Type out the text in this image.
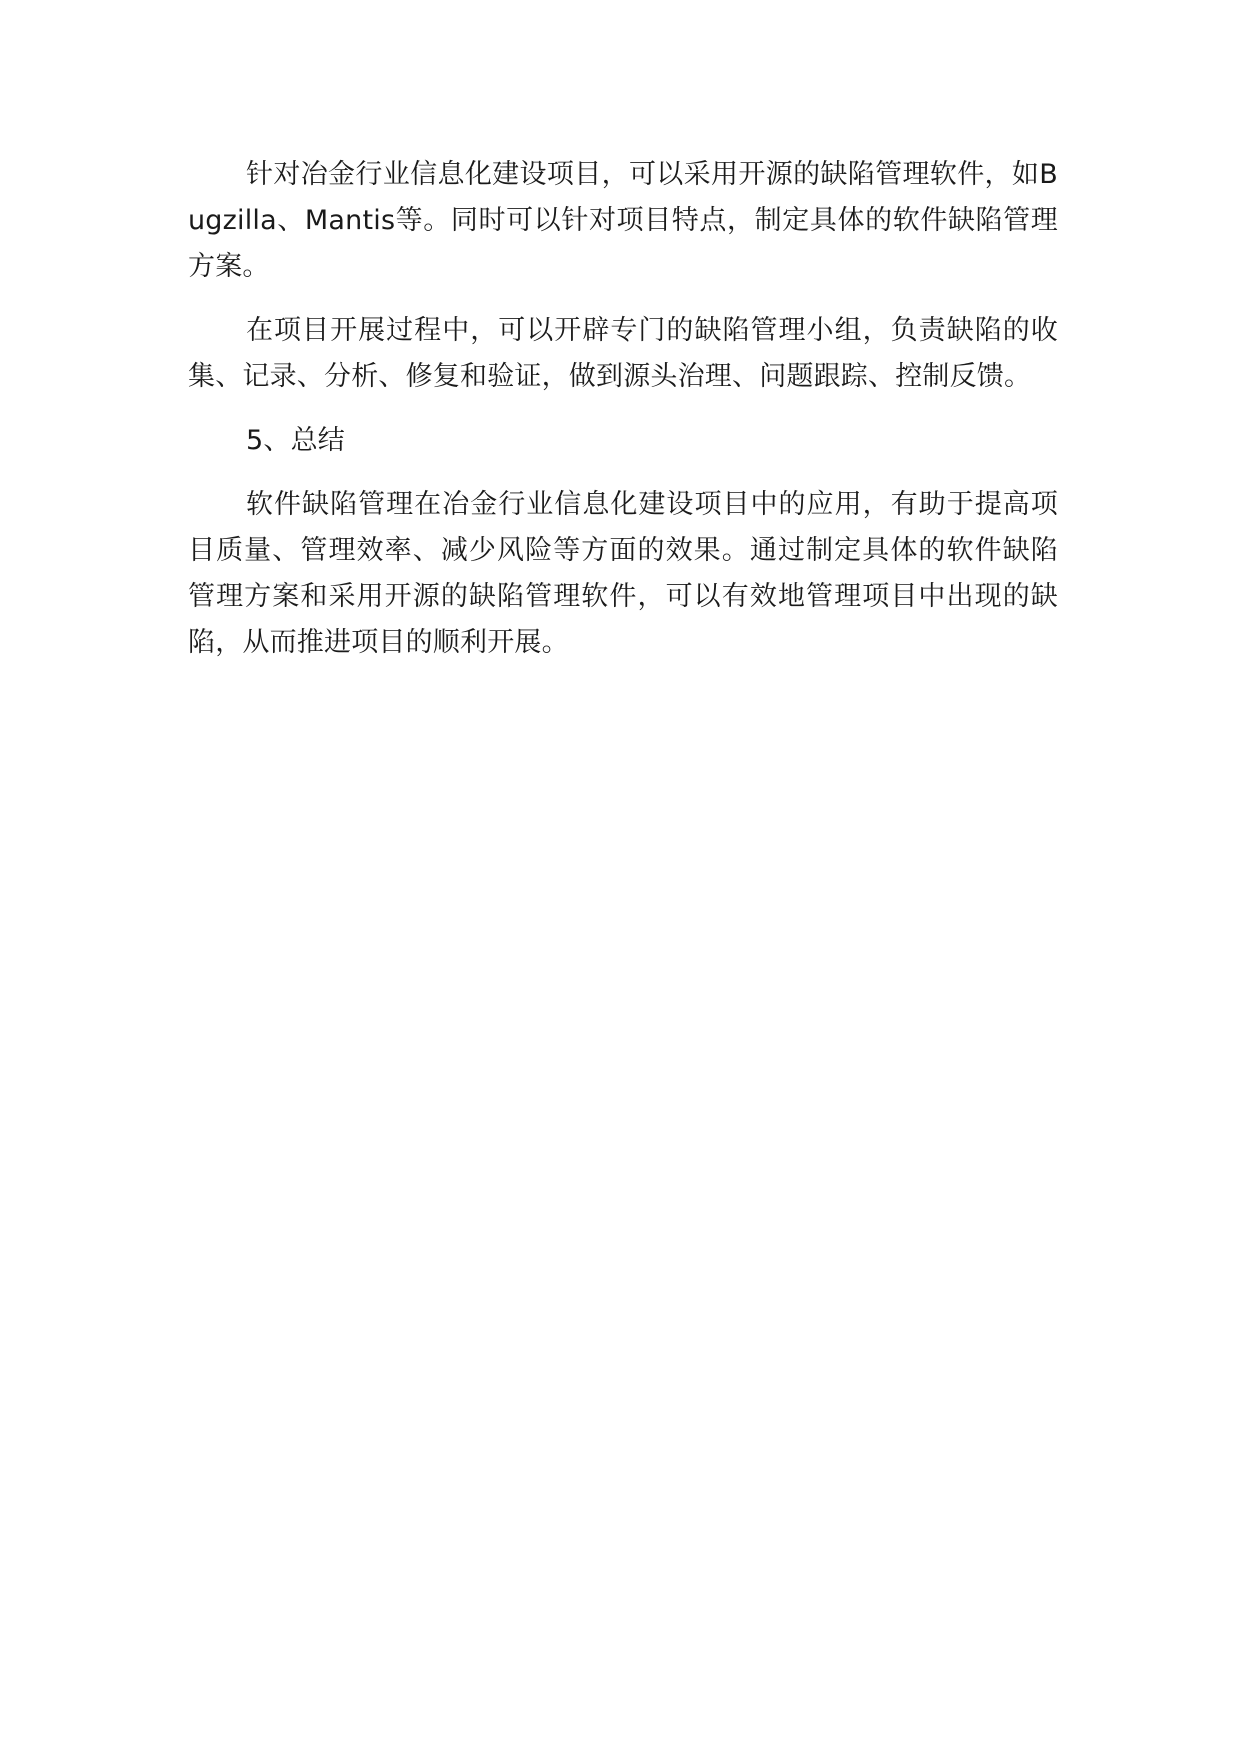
针对冶金行业信息化建设项目，可以采用开源的缺陷管理软件，如Bugzilla、Mantis等。同时可以针对项目特点，制定具体的软件缺陷管理方案。

在项目开展过程中，可以开辟专门的缺陷管理小组，负责缺陷的收集、记录、分析、修复和验证，做到源头治理、问题跟踪、控制反馈。

5、总结

软件缺陷管理在冶金行业信息化建设项目中的应用，有助于提高项目质量、管理效率、减少风险等方面的效果。通过制定具体的软件缺陷管理方案和采用开源的缺陷管理软件，可以有效地管理项目中出现的缺陷，从而推进项目的顺利开展。
